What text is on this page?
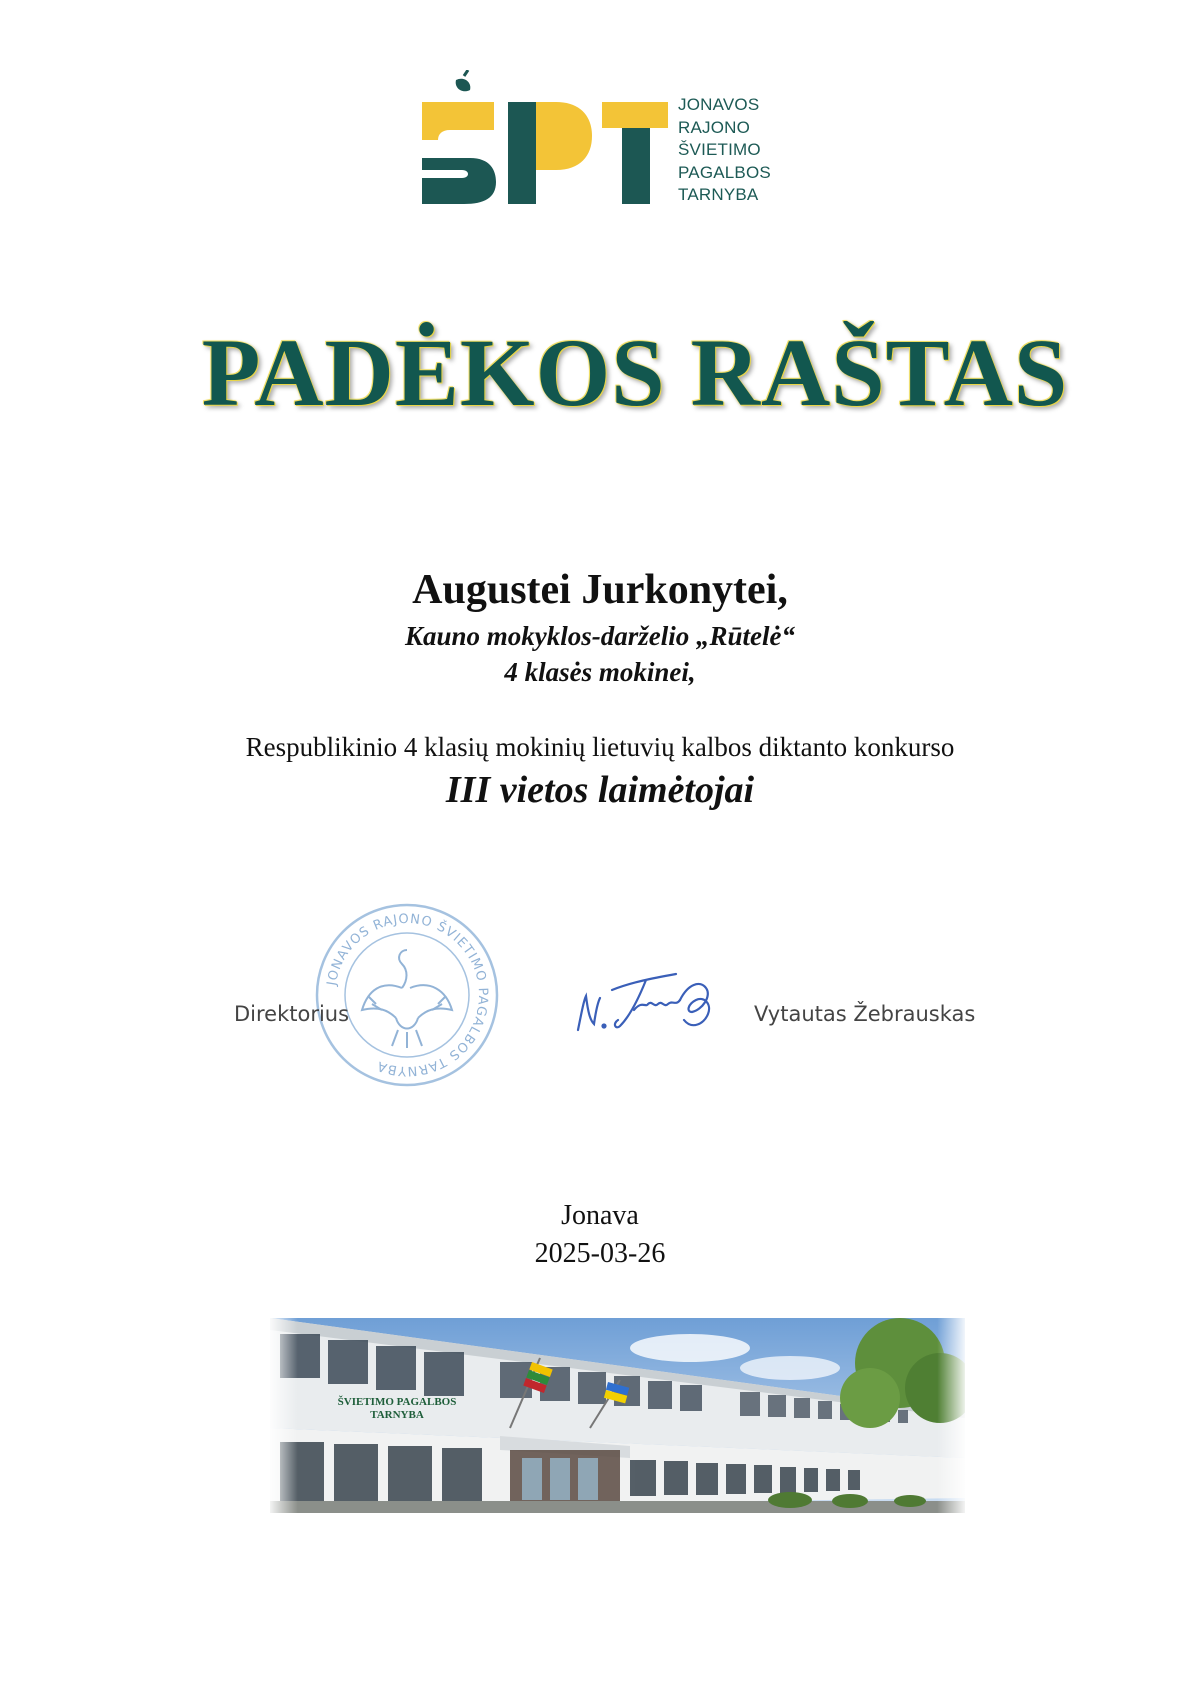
JONAVOS
RAJONO
ŠVIETIMO
PAGALBOS
TARNYBA
PADĖKOS RAŠTAS
Augustei Jurkonytei,
Kauno mokyklos-darželio „Rūtelė“
4 klasės mokinei,
Respublikinio 4 klasių mokinių lietuvių kalbos diktanto konkurso
III vietos laimėtojai
JONAVOS RAJONO ŠVIETIMO PAGALBOS TARNYBA
Direktorius	Vytautas Žebrauskas
Jonava
2025-03-26
ŠVIETIMO PAGALBOS TARNYBA
